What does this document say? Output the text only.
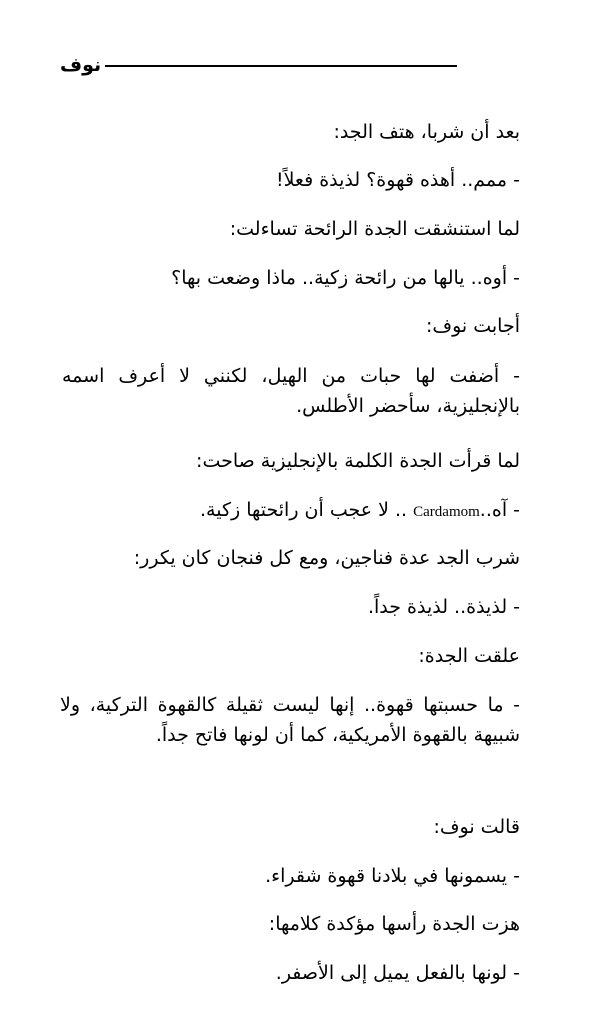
نوف

بعد أن شربا، هتف الجد:

- ممم.. أهذه قهوة؟ لذيذة فعلاً!

لما استنشقت الجدة الرائحة تساءلت:

- أوه.. يالها من رائحة زكية.. ماذا وضعت بها؟

أجابت نوف:

- أضفت لها حبات من الهيل، لكنني لا أعرف اسمه بالإنجليزية، سأحضر الأطلس.

لما قرأت الجدة الكلمة بالإنجليزية صاحت:

- آه..Cardamom .. لا عجب أن رائحتها زكية.

شرب الجد عدة فناجين، ومع كل فنجان كان يكرر:

- لذيذة.. لذيذة جداً.

علقت الجدة:

- ما حسبتها قهوة.. إنها ليست ثقيلة كالقهوة التركية، ولا شبيهة بالقهوة الأمريكية، كما أن لونها فاتح جداً.

قالت نوف:

- يسمونها في بلادنا قهوة شقراء.

هزت الجدة رأسها مؤكدة كلامها:

- لونها بالفعل يميل إلى الأصفر.
